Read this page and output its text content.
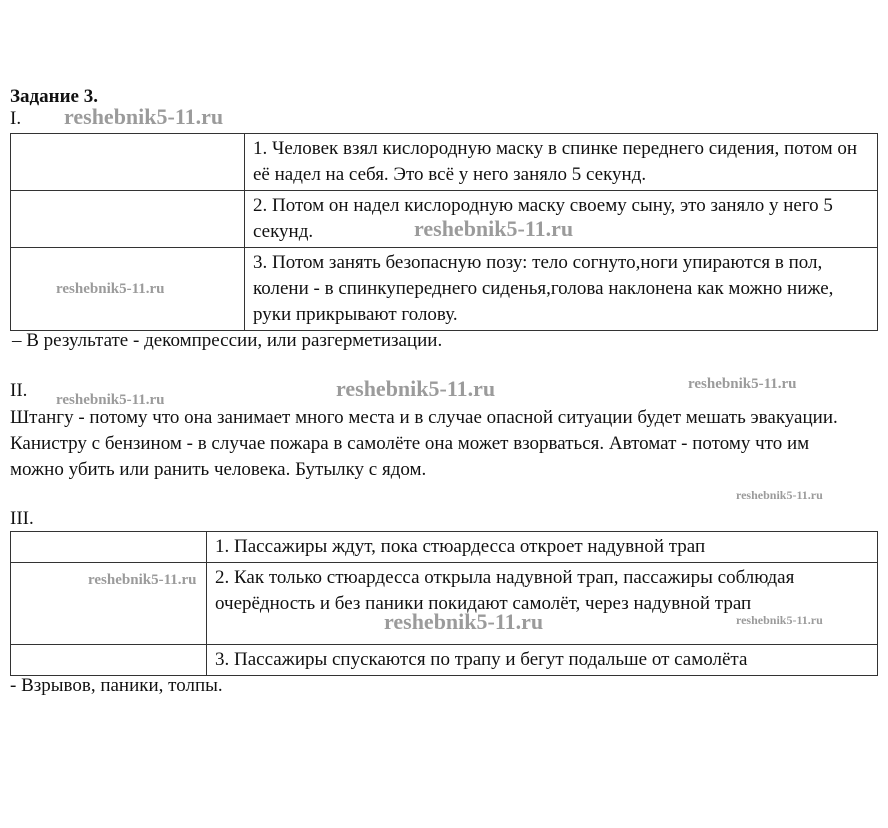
Задание 3.
I.
	1. Человек взял кислородную маску в спинке переднего сидения, потом он её надел на себя. Это всё у него заняло 5 секунд.
	2. Потом он надел кислородную маску своему сыну, это заняло у него 5 секунд.
	3. Потом занять безопасную позу: тело согнуто,ноги упираются в пол, колени - в спинкупереднего сиденья,голова наклонена как можно ниже, руки прикрывают голову.
– В результате - декомпрессии, или разгерметизации.
II.
Штангу - потому что она занимает много места и в случае опасной ситуации будет мешать эвакуации. Канистру с бензином - в случае пожара в самолёте она может взорваться. Автомат - потому что им можно убить или ранить человека. Бутылку с ядом.
III.
	1. Пассажиры ждут, пока стюардесса откроет надувной трап
	2. Как только стюардесса открыла надувной трап, пассажиры соблюдая очерёдность и без паники покидают самолёт, через надувной трап
	3. Пассажиры спускаются по трапу и бегут подальше от самолёта
- Взрывов, паники, толпы.
reshebnik5-11.ru
reshebnik5-11.ru
reshebnik5-11.ru
reshebnik5-11.ru
reshebnik5-11.ru
reshebnik5-11.ru
reshebnik5-11.ru
reshebnik5-11.ru
reshebnik5-11.ru	reshebnik5-11.ru
